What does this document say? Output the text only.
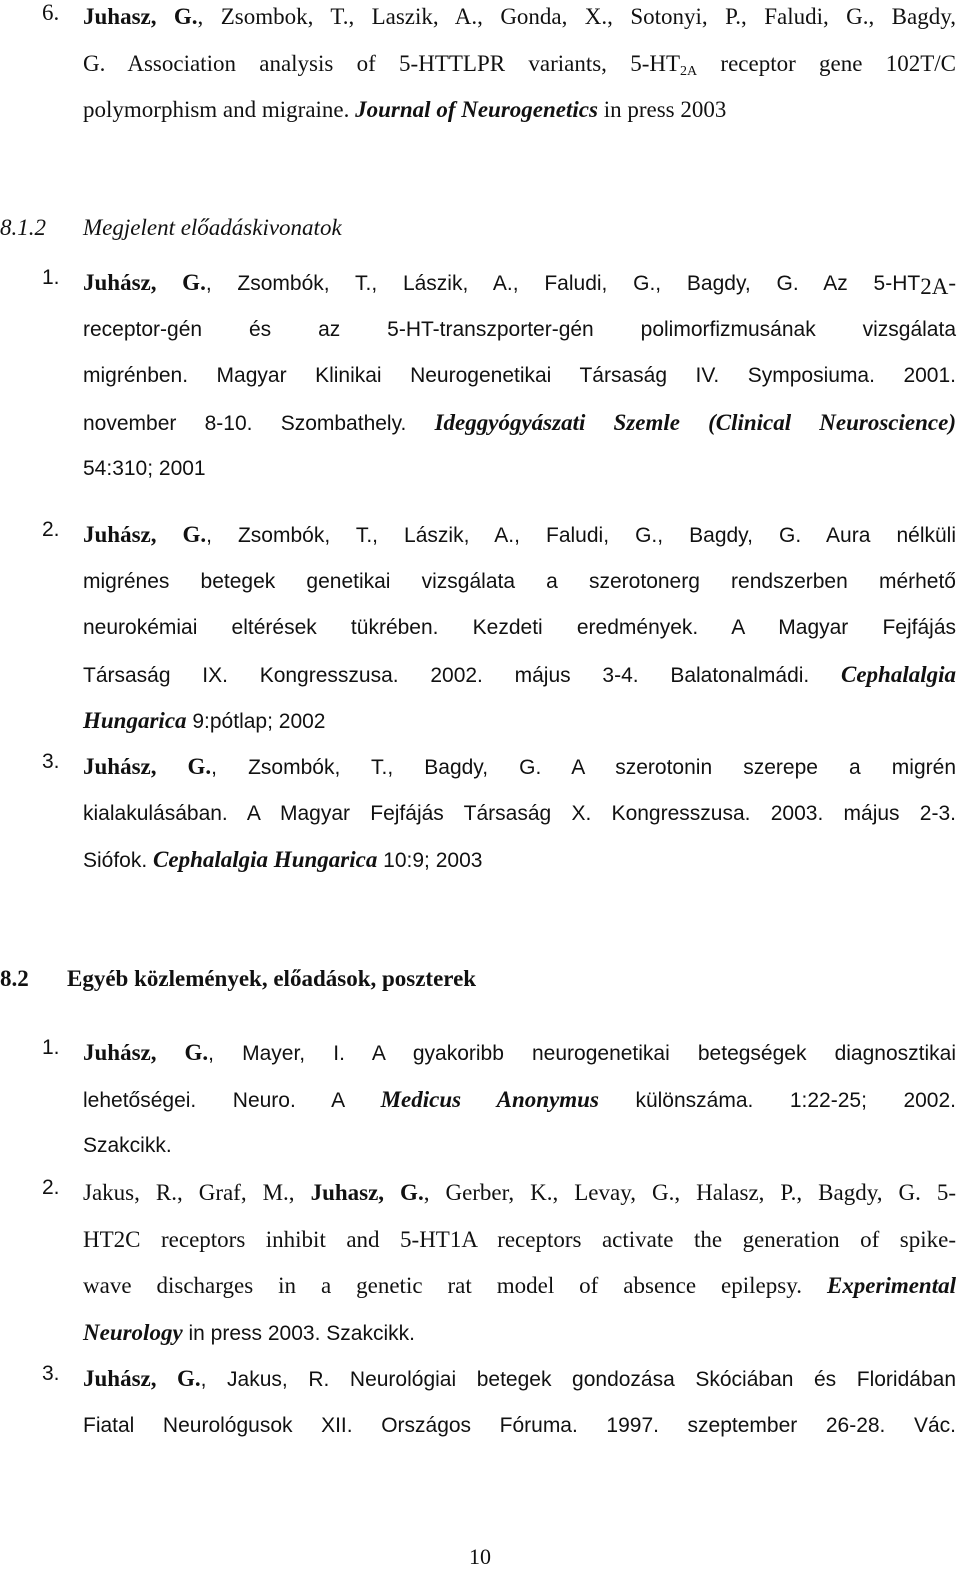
6. Juhasz, G., Zsombok, T., Laszik, A., Gonda, X., Sotonyi, P., Faludi, G., Bagdy,
G. Association analysis of 5-HTTLPR variants, $5-HT_{2A}$ receptor gene 102T/C
polymorphism and migraine. Journal of Neurogenetics in press 2003
8.1.2 Megjelent előadáskivonatok
1. Juhász, G., Zsombók, T., Lászik, A., Faludi, G., Bagdy, G. Az $5-HT_{2A}-$
receptor-gén és az 5-HT-transzporter-gén polimorfizmusának vizsgálata
migrénben. Magyar Klinikai Neurogenetikai Társaság IV. Symposiuma. 2001.
november 8-10. Szombathely. Ideggyógyászati Szemle (Clinical Neuroscience)
54:310; 2001
2. Juhász, G., Zsombók, T., Lászik, A., Faludi, G., Bagdy, G. Aura nélküli
migrénes betegek genetikai vizsgálata a szerotonerg rendszerben mérhető
neurokémiai eltérések tükrében. Kezdeti eredmények. A Magyar Fejfájás
Társaság IX. Kongresszusa. 2002. május 3-4. Balatonalmádi. Cephalalgia
Hungarica 9:pótlap; 2002
3. Juhász, G., Zsombók, T., Bagdy, G. A szerotonin szerepe a migrén
kialakulásában. A Magyar Fejfájás Társaság X. Kongresszusa. 2003. május 2-3.
Siófok. Cephalalgia Hungarica 10:9; 2003
8.2 Egyéb közlemények, előadások, poszterek
1. Juhász, G., Mayer, I. A gyakoribb neurogenetikai betegségek diagnosztikai
lehetőségei. Neuro. A Medicus Anonymus különszáma. 1:22-25; 2002.
Szakcikk.
2. Jakus, R., Graf, M., Juhasz, G., Gerber, K., Levay, G., Halasz, P., Bagdy, G. 5-
HT2C receptors inhibit and 5-HT1A receptors activate the generation of spike-
wave discharges in a genetic rat model of absence epilepsy. Experimental
Neurology in press 2003. Szakcikk.
3. Juhász, G., Jakus, R. Neurológiai betegek gondozása Skóciában és Floridában
Fiatal Neurológusok XII. Országos Fóruma. 1997. szeptember 26-28. Vác.
10
